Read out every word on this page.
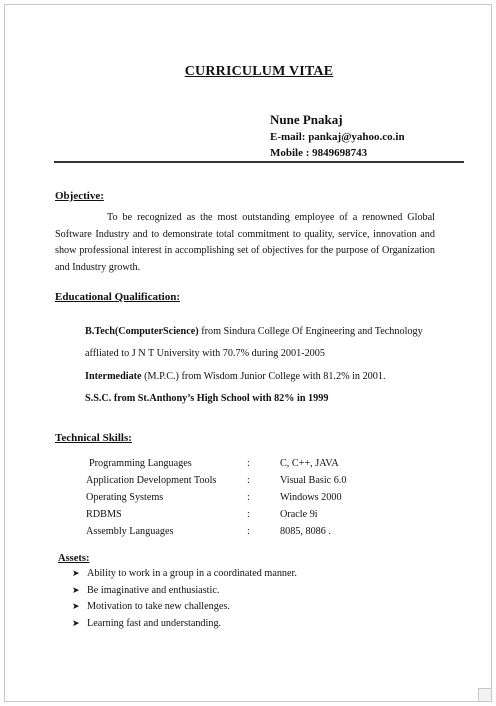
CURRICULUM VITAE
Nune Pnakaj
E-mail: pankaj@yahoo.co.in
Mobile : 9849698743
Objective:
To be recognized as the most outstanding employee of a renowned Global Software Industry and to demonstrate total commitment to quality, service, innovation and show professional interest in accomplishing set of objectives for the purpose of Organization and Industry growth.
Educational Qualification:
B.Tech(ComputerScience) from Sindura College Of Engineering and Technology
affliated to J N T University with 70.7% during 2001-2005
Intermediate (M.P.C.) from Wisdom Junior College with 81.2% in 2001.
S.S.C. from St.Anthony’s High School with 82% in 1999
Technical Skills:
Programming Languages	:	C, C++, JAVA
Application Development Tools	:	Visual Basic 6.0
Operating Systems	:	Windows 2000
RDBMS	:	Oracle 9i
Assembly Languages	:	8085, 8086 .
Assets:
➤ Ability to work in a group in a coordinated manner.
➤ Be imaginative and enthusiastic.
➤ Motivation to take new challenges.
➤ Learning fast and understanding.
